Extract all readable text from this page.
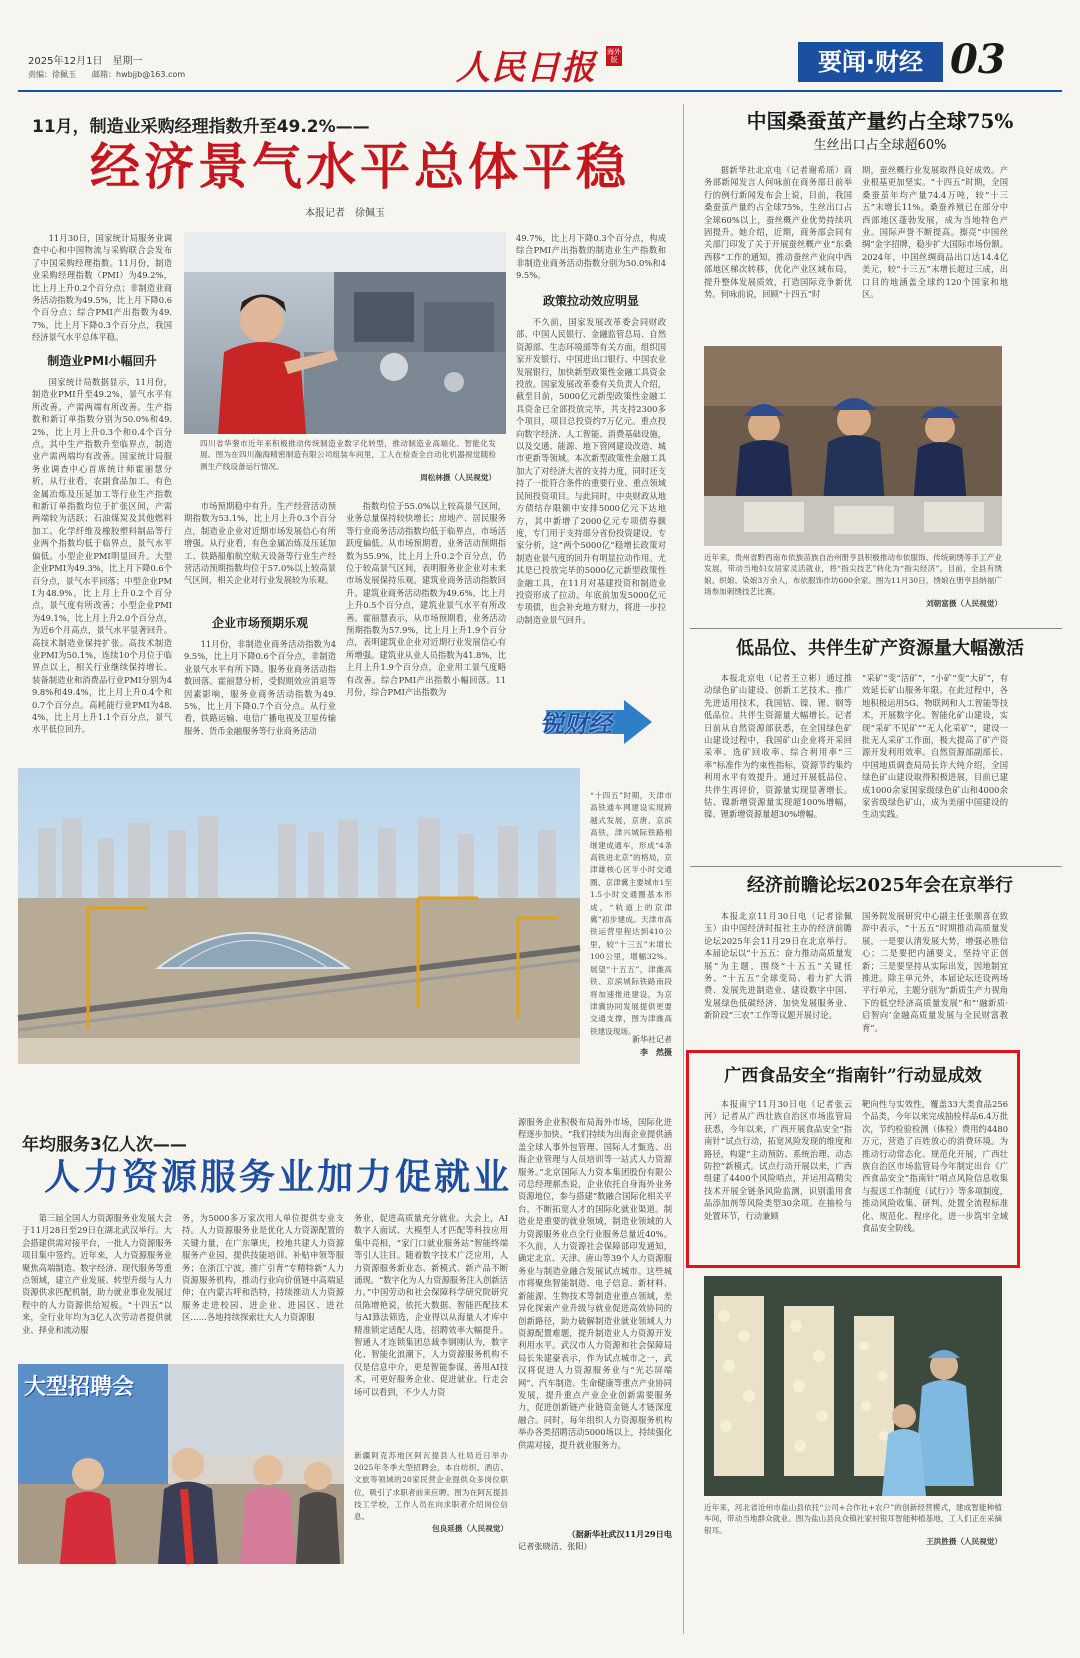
2025年12月1日　星期一
责编：徐佩玉　　邮箱：hwbjjb@163.com	人民日报 海外版	要闻·财经 03
11月，制造业采购经理指数升至49.2%——
经济景气水平总体平稳
本报记者　徐佩玉

11月30日，国家统计局服务业调查中心和中国物流与采购联合会发布了中国采购经理指数。11月份，制造业采购经理指数（PMI）为49.2%，比上月上升0.2个百分点；非制造业商务活动指数为49.5%，比上月下降0.6个百分点；综合PMI产出指数为49.7%，比上月下降0.3个百分点，我国经济景气水平总体平稳。

制造业PMI小幅回升

国家统计局数据显示，11月份，制造业PMI升至49.2%，景气水平有所改善。产需两端有所改善。生产指数和新订单指数分别为50.0%和49.2%，比上月上升0.3个和0.4个百分点，其中生产指数升至临界点，制造业产需两端均有改善。国家统计局服务业调查中心首席统计师霍丽慧分析，从行业看，农副食品加工、有色金属冶炼及压延加工等行业生产指数和新订单指数均位于扩张区间，产需两端较为活跃；石油煤炭及其他燃料加工、化学纤维及橡胶塑料制品等行业两个指数均低于临界点，景气水平偏低。小型企业PMI明显回升。大型企业PMI为49.3%，比上月下降0.6个百分点，景气水平回落；中型企业PMI为48.9%，比上月上升0.2个百分点，景气度有所改善；小型企业PMI为49.1%，比上月上升2.0个百分点，为近6个月高点，景气水平显著回升。高技术制造业保持扩张。高技术制造业PMI为50.1%，连续10个月位于临界点以上，相关行业继续保持增长。装备制造业和消费品行业PMI分别为49.8%和49.4%，比上月上升0.4个和0.7个百分点。高耗能行业PMI为48.4%，比上月上升1.1个百分点，景气水平低位回升。

四川省华蓥市近年来积极推动传统制造业数字化转型，推动制造业高端化、智能化发展。图为在四川瀚海精密制造有限公司组装车间里，工人在检查全自动化机器视觉随检测生产线设备运行情况。
周松林摄（人民视觉）

市场预期稳中有升。生产经营活动预期指数为53.1%，比上月上升0.3个百分点，制造业企业对近期市场发展信心有所增强。从行业看，有色金属冶炼及压延加工、铁路船舶航空航天设备等行业生产经营活动预期指数均位于57.0%以上较高景气区间，相关企业对行业发展较为乐观。

企业市场预期乐观

11月份，非制造业商务活动指数为49.5%，比上月下降0.6个百分点，非制造业景气水平有所下降。服务业商务活动指数回落。霍丽慧分析，受假期效应消退等因素影响，服务业商务活动指数为49.5%，比上月下降0.7个百分点。从行业看，铁路运输、电信广播电视及卫星传输服务、货币金融服务等行业商务活动

指数均位于55.0%以上较高景气区间，业务总量保持较快增长；房地产、居民服务等行业商务活动指数均低于临界点，市场活跃度偏低。从市场预期看，业务活动预期指数为55.9%，比上月上升0.2个百分点，仍位于较高景气区间，表明服务业企业对未来市场发展保持乐观。建筑业商务活动指数回升。建筑业商务活动指数为49.6%，比上月上升0.5个百分点，建筑业景气水平有所改善。霍丽慧表示，从市场预期看，业务活动预期指数为57.9%，比上月上升1.9个百分点，表明建筑业企业对近期行业发展信心有所增强。建筑业从业人员指数为41.8%，比上月上升1.9个百分点，企业用工景气度略有改善。综合PMI产出指数小幅回落。11月份，综合PMI产出指数为

49.7%，比上月下降0.3个百分点，构成综合PMI产出指数的制造业生产指数和非制造业商务活动指数分别为50.0%和49.5%。

政策拉动效应明显

不久前，国家发展改革委会同财政部、中国人民银行、金融监管总局、自然资源部、生态环境部等有关方面，组织国家开发银行、中国进出口银行、中国农业发展银行，加快新型政策性金融工具资金投放。国家发展改革委有关负责人介绍，截至目前，5000亿元新型政策性金融工具资金已全部投放完毕，共支持2300多个项目，项目总投资约7万亿元。重点投向数字经济、人工智能、消费基础设施，以及交通、能源、地下管网建设改造、城市更新等领域。本次新型政策性金融工具加大了对经济大省的支持力度，同时还支持了一批符合条件的重要行业、重点领域民间投资项目。与此同时，中央财政从地方债结存限额中安排5000亿元下达地方，其中新增了2000亿元专项债券额度，专门用于支持部分省份投资建设。专家分析，这“两个5000亿”稳增长政策对制造业景气度的回升有明显拉动作用。尤其是已投放完毕的5000亿元新型政策性金融工具，在11月对基建投资和制造业投资形成了拉动。年底前加发5000亿元专项债，也会补充地方财力，将进一步拉动制造业景气回升。

锐财经
“十四五”时期，天津市高铁通车网建设实现跨越式发展，京唐、京滨高铁，津兴城际铁路相继建成通车，形成“4条高铁进北京”的格局，京津雄核心区半小时交通圈、京津冀主要城市1至1.5小时交通圈基本形成，“轨道上的京津冀”初步建成。天津市高铁运营里程达到410公里，较“十三五”末增长100公里，增幅32%。展望“十五五”，津潍高铁、京滨城际铁路南段将加速推进建设，为京津冀协同发展提供更要交通支撑，图为津潍高铁建设现场。
新华社记者
李　然摄
年均服务3亿人次——
人力资源服务业加力促就业

第三届全国人力资源服务业发展大会于11月28日至29日在湖北武汉举行。大会搭建供需对接平台，一批人力资源服务项目集中签约。近年来，人力资源服务业聚焦高端制造、数字经济、现代服务等重点领域，建立产业发展、转型升级与人力资源供求匹配机制，助力就业事业发展过程中的人力资源供给短板。“十四五”以来，全行业年均为3亿人次劳动者提供就业、择业和流动服

务，为5000多万家次用人单位提供专业支持。人力资源服务业是优化人力资源配置的关键力量，在广东肇庆，校地共建人力资源服务产业园，提供技能培训、补贴申领等服务；在浙江宁波，推广引育“专精特新”人力资源服务机构，推动行业向价值链中高端延伸；在内蒙古呼和浩特，持续推动人力资源服务走进校园、进企业、进园区、进社区……各地持续探索壮大人力资源服

务业，促进高质量充分就业。大会上，AI数字人面试、大模型人才匹配等科技应用集中亮相，“家门口就业服务站”智能终端等引人注目。随着数字技术广泛应用，人力资源服务新业态、新模式、新产品不断涌现。“数字化为人力资源服务注入创新活力。”中国劳动和社会保障科学研究院研究员陈增艳说，依托大数据、智能匹配技术与AI算法筛选，企业得以从海量人才库中精准锁定适配人选，招聘效率大幅提升。智通人才连锁集团总裁李钢刚认为，数字化、智能化浪潮下，人力资源服务机构不仅是信息中介，更是智能参谋，善用AI技术，可更好服务企业、促进就业。行走会场可以看到，不少人力资

源服务企业积极布局海外市场，国际化进程逐步加快。“我们持续为出海企业提供涵盖全球人事外包管理、国际人才甄选、出海企业管理与人员培训等一站式人力资源服务。”北京国际人力资本集团股份有限公司总经理郝杰说，企业依托自身海外业务资源地位，参与搭建“数融合国际化相关平台，不断拓宽人才的国际化就业渠道。制造业是重要的就业领域，制造业领域的人力资源服务业点全行业服务总量近40%。不久前，人力资源社会保障部印发通知，确定北京、天津、唐山等39个人力资源服务业与制造业融合发展试点城市。这些城市将聚焦智能制造、电子信息、新材料、新能源、生物技术等制造业重点领域，差异化探索产业升级与就业促进高效协同的创新路径，助力破解制造业就业领域人力资源配置难题，提升制造业人力资源开发利用水平。武汉市人力资源和社会保障局局长朱建豪表示，作为试点城市之一，武汉将促进人力资源服务业与“光芯屏端网”、汽车制造、生命健康等重点产业协同发展，提升重点产业企业创新需要服务力，促进创新链产业链资金链人才链深度融合。同时，每年组织人力资源服务机构举办各类招聘活动5000场以上，持续强化供需对接，提升就业服务力。

（据新华社武汉11月29日电
记者张晓洁、张阳）
大型招聘会
新疆阿克苏地区阿瓦提县人社局近日举办2025年冬季大型招聘会，本自纺织、酒店、文旅等领域的20家民营企业提供众多岗位职位，吸引了求职者前来应聘。图为在阿瓦提县技工学校，工作人员在向求职者介绍岗位信息。
包良延摄（人民视觉）
中国桑蚕茧产量约占全球75%
生丝出口占全球超60%

据新华社北京电（记者谢希瑶）商务部新闻发言人何咏前在商务部日前举行的例行新闻发布会上说，目前，我国桑蚕茧产量约占全球75%，生丝出口占全球60%以上，蚕丝概产业优势持续巩固提升。她介绍，近期，商务部会同有关部门印发了关于开展蚕丝概产业“东桑西移”工作的通知，推动蚕丝产业向中西部地区梯次转移，优化产业区域布局，提升整体发展质效，打造国际竞争新优势。何咏前说，回顾“十四五”时

期，蚕丝概行业发展取得良好成效。产业根基更加坚实。“十四五”时期，全国桑蚕茧年均产量74.4万吨，较“十三五”末增长11%。桑蚕养殖已在部分中西部地区蓬勃发展，成为当地特色产业。国际声誉不断提高。擦亮“中国丝绸”金字招牌，稳步扩大国际市场份额。2024年，中国丝绸商品出口达14.4亿美元，较“十三五”末增长超过三成，出口目的地涵盖全球约120个国家和地区。

近年来，贵州省黔西南布依族苗族自治州册亨县积极推动布依服饰、传统刺绣等手工产业发展，带动当地妇女居家灵活就业，将“指尖技艺”转化为“指尖经济”。目前，全县有绣娘、织娘、染娘3万余人，布依服饰作坊600余家。图为11月30日，绣娘在册亨县纳福广场参加刺绣技艺比赛。
刘朝富摄（人民视觉）
低品位、共伴生矿产资源量大幅激活

本报北京电（记者王立彬）通过推动绿色矿山建设、创新工艺技术、推广先进适用技术，我国钴、镍、锂、钢等低品位、共伴生资源量大幅增长。记者日前从自然资源部获悉，在全国绿色矿山建设过程中，我国矿山企业将开采回采率、选矿回收率、综合利用率“三率”标准作为约束性指标，资源节约集约利用水平有效提升。通过开展低品位、共伴生再评价，资源量实现显著增长。钴、镍新增资源量实现超100%增幅，镍、锂新增资源量超30%增幅。

“采矿”变“活矿”，“小矿”变“大矿”，有效延长矿山服务年限。在此过程中，各地积极运用5G、物联网和人工智能等技术，开展数字化、智能化矿山建设，实现“采矿不见矿”“无人化采矿”，建设一批无人采矿工作面，极大提高了矿产资源开发利用效率。自然资源部副部长、中国地质调查局局长许大纯介绍，全国绿色矿山建设取得积极进展，目前已建成1000余家国家级绿色矿山和4000余家省级绿色矿山，成为美丽中国建设的生动实践。

经济前瞻论坛2025年会在京举行

本报北京11月30日电（记者徐佩玉）由中国经济时报社主办的经济前瞻论坛2025年会11月29日在北京举行。本届论坛以“十五五：奋力推动高质量发展”为主题，围绕“十五五”关键任务、“十五五”全球变局、着力扩大消费、发展先进制造业、建设数字中国、发展绿色低碳经济、加快发展服务业、新阶段“三农”工作等议题开展讨论。

国务院发展研究中心副主任张顺喜在致辞中表示，“十五五”时期推动高质量发展，一是要认清发展大势，增强必胜信心；二是要把内涵要义，坚持守正创新；三是要坚持从实际出发，因地制宜推进。除主单元外，本届论坛还设两场平行单元，主题分别为“新质生产力视角下的低空经济高质量发展”和“‘融新质·启智向’金融高质量发展与全民财富教育”。

广西食品安全“指南针”行动显成效

本报南宁11月30日电（记者张云河）记者从广西壮族自治区市场监管局获悉，今年以来，广西开展食品安全“指南针”试点行动，拓宽风险发现的维度和路径，构建“主动预防、系统治理、动态防控”新模式。试点行动开展以来，广西组建了4400个风险哨点，并运用高精尖技术开展全链条风险监测，识别滥用食品添加剂等风险类型30余项。在抽检与处置环节，行动兼顾

靶向性与实效性，覆盖33大类食品256个品类，今年以来完成抽检样品6.4万批次，节约检验检测（体检）费用约4480万元，营造了百姓放心的消费环境。为推动行动常态化、规范化开展，广西壮族自治区市场监管局今年制定出台《广西食品安全“指南针”哨点风险信息收集与报送工作制度（试行）》等多项制度，推动风险收集、研判、处置全流程标准化、规范化、程序化，进一步筑牢全域食品安全防线。

近年来，河北省沧州市盐山县依托“公司+合作社+农户”的创新经营模式，建成智能种植车间，带动当地群众就业。图为盐山县良众镇社家村银耳智能种植基地，工人们正在采摘银耳。
王洪胜摄（人民视觉）
